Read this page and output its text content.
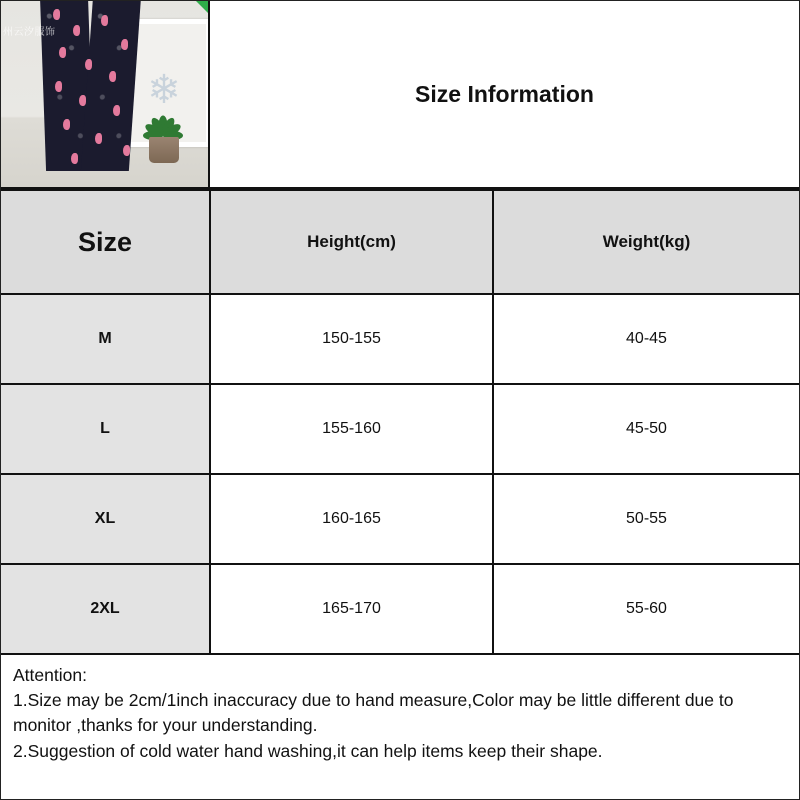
❄
州云汐服饰
Size Information
Size	Height(cm)	Weight(kg)
M	150-155	40-45
L	155-160	45-50
XL	160-165	50-55
2XL	165-170	55-60
Attention:
1.Size may be 2cm/1inch inaccuracy due to hand measure,Color may be little different due to monitor ,thanks for your understanding.
2.Suggestion of cold water hand washing,it can help items keep their shape.
